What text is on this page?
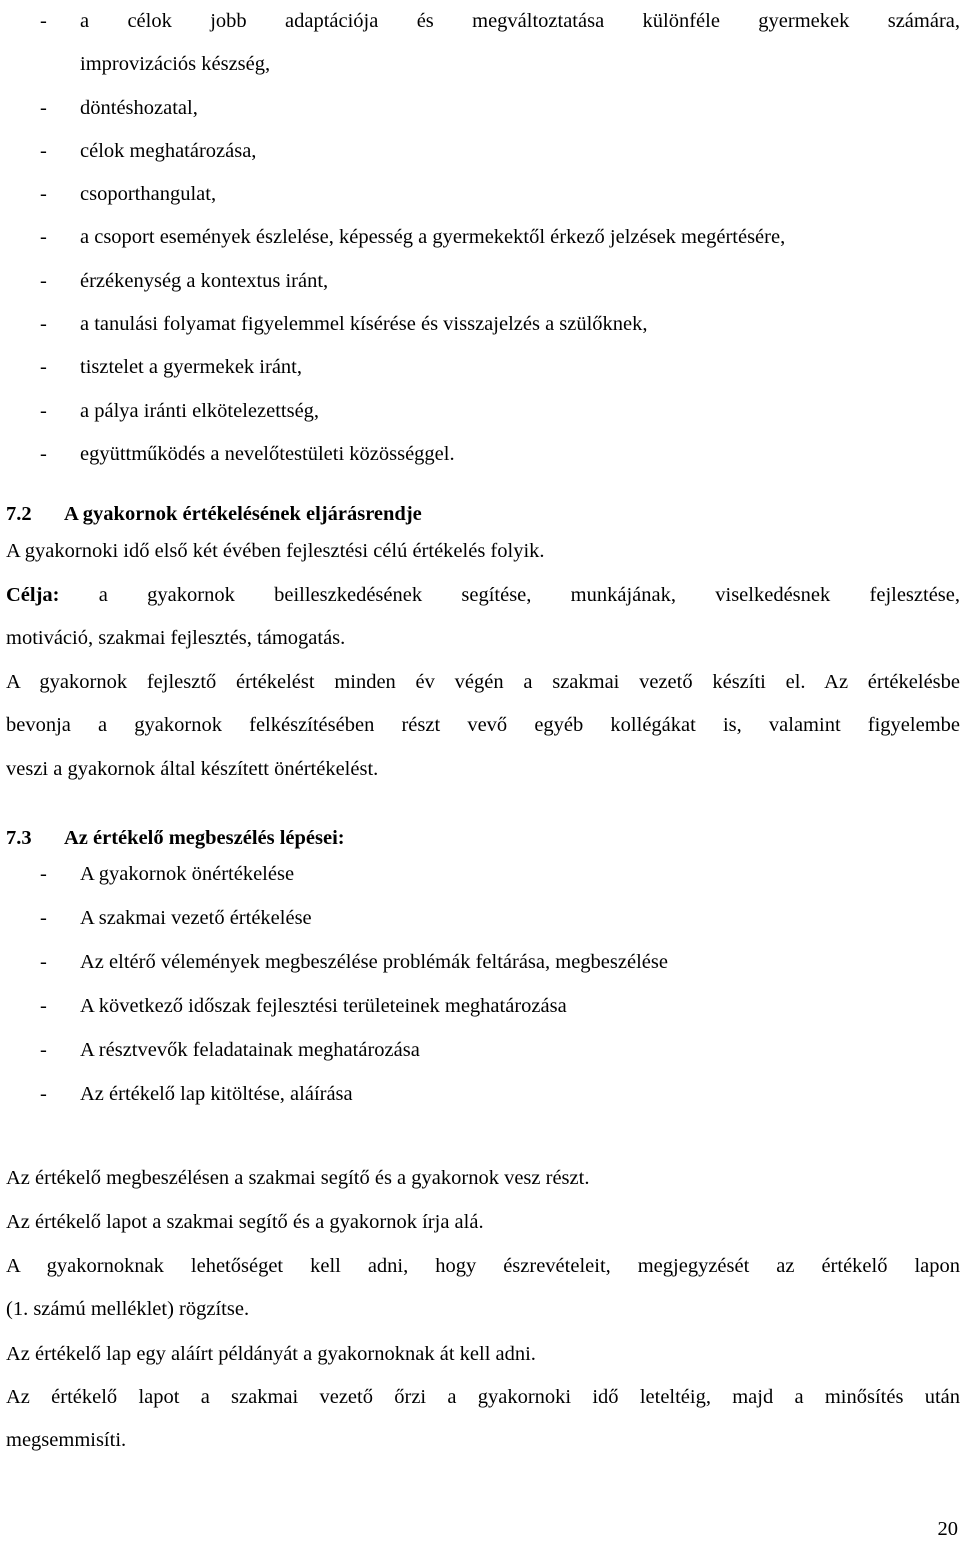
- a célok jobb adaptációja és megváltoztatása különféle gyermekek számára,
improvizációs készség,
- döntéshozatal,
- célok meghatározása,
- csoporthangulat,
- a csoport események észlelése, képesség a gyermekektől érkező jelzések megértésére,
- érzékenység a kontextus iránt,
- a tanulási folyamat figyelemmel kísérése és visszajelzés a szülőknek,
- tisztelet a gyermekek iránt,
- a pálya iránti elkötelezettség,
- együttműködés a nevelőtestületi közösséggel.
7.2 A gyakornok értékelésének eljárásrendje
A gyakornoki idő első két évében fejlesztési célú értékelés folyik.
Célja: a gyakornok beilleszkedésének segítése, munkájának, viselkedésnek fejlesztése,
motiváció, szakmai fejlesztés, támogatás.
A gyakornok fejlesztő értékelést minden év végén a szakmai vezető készíti el. Az értékelésbe
bevonja a gyakornok felkészítésében részt vevő egyéb kollégákat is, valamint figyelembe
veszi a gyakornok által készített önértékelést.
7.3 Az értékelő megbeszélés lépései:
- A gyakornok önértékelése
- A szakmai vezető értékelése
- Az eltérő vélemények megbeszélése problémák feltárása, megbeszélése
- A következő időszak fejlesztési területeinek meghatározása
- A résztvevők feladatainak meghatározása
- Az értékelő lap kitöltése, aláírása
Az értékelő megbeszélésen a szakmai segítő és a gyakornok vesz részt.
Az értékelő lapot a szakmai segítő és a gyakornok írja alá.
A gyakornoknak lehetőséget kell adni, hogy észrevételeit, megjegyzését az értékelő lapon
(1. számú melléklet) rögzítse.
Az értékelő lap egy aláírt példányát a gyakornoknak át kell adni.
Az értékelő lapot a szakmai vezető őrzi a gyakornoki idő leteltéig, majd a minősítés után
megsemmisíti.
20
